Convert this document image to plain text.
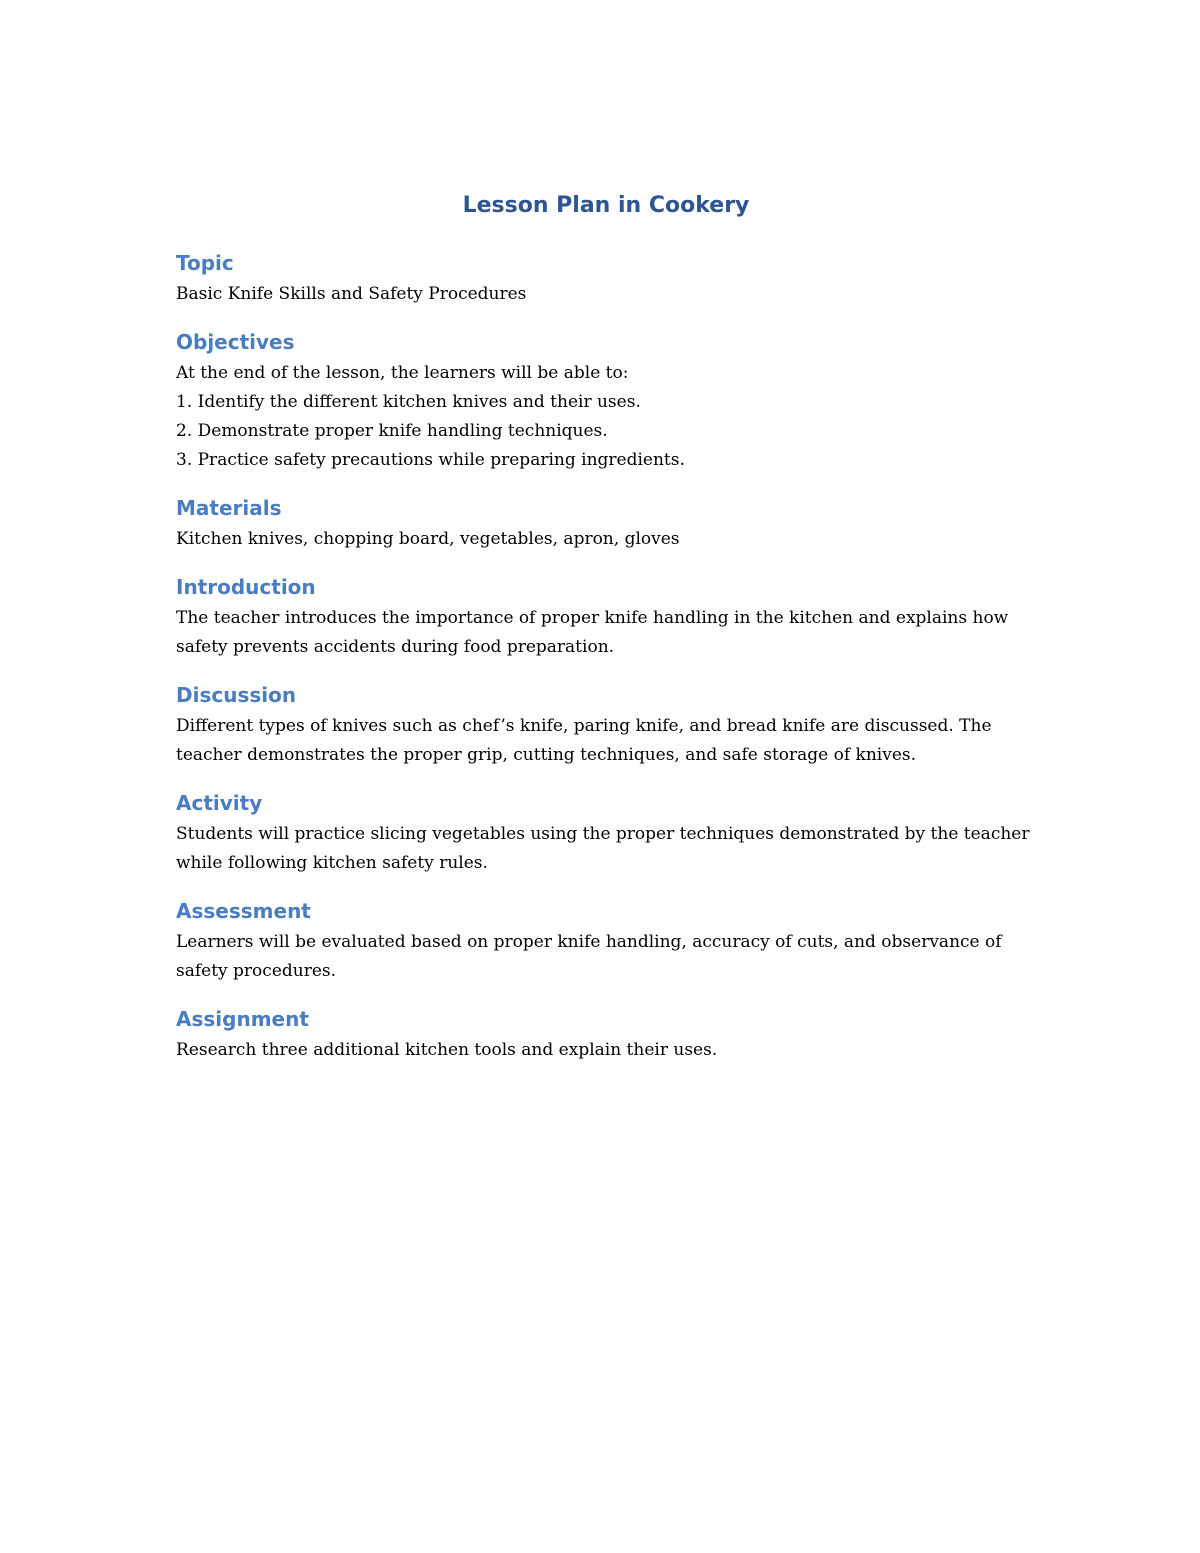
Lesson Plan in Cookery
Topic

Basic Knife Skills and Safety Procedures

Objectives

At the end of the lesson, the learners will be able to:

1. Identify the different kitchen knives and their uses.
2. Demonstrate proper knife handling techniques.
3. Practice safety precautions while preparing ingredients.
Materials

Kitchen knives, chopping board, vegetables, apron, gloves

Introduction

The teacher introduces the importance of proper knife handling in the kitchen and explains how safety prevents accidents during food preparation.

Discussion

Different types of knives such as chef’s knife, paring knife, and bread knife are discussed. The teacher demonstrates the proper grip, cutting techniques, and safe storage of knives.

Activity

Students will practice slicing vegetables using the proper techniques demonstrated by the teacher while following kitchen safety rules.

Assessment

Learners will be evaluated based on proper knife handling, accuracy of cuts, and observance of safety procedures.

Assignment

Research three additional kitchen tools and explain their uses.
